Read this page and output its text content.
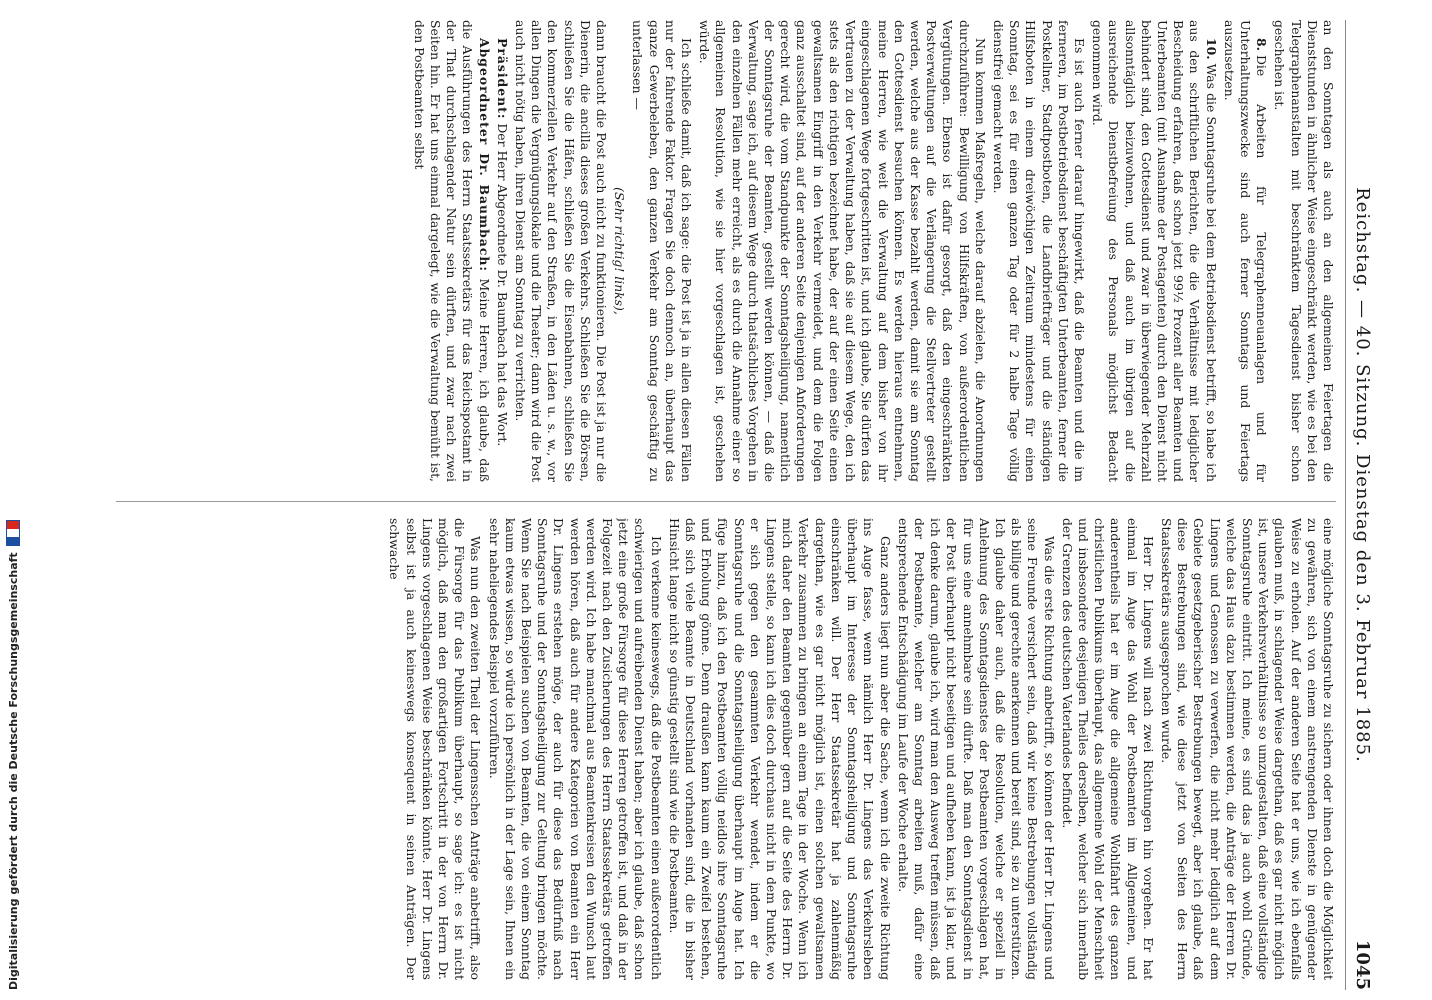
Reichstag. — 40. Sitzung. Dienstag den 3. Februar 1885.
1045

an den Sonntagen als auch an den allgemeinen Feiertagen die Dienststunden in ähnlicher Weise eingeschränkt werden, wie es bei den Telegraphenanstalten mit beschränktem Tagesdienst bisher schon geschehen ist.

8.Die Arbeiten für Telegraphenneuanlagen und für Unterhaltungszwecke sind auch ferner Sonntags und Feiertags auszusetzen.

10.Was die Sonntagsruhe bei dem Betriebsdienst betrifft, so habe ich aus den schriftlichen Berichten, die die Verhältnisse mit lediglicher Bescheidung erfahren, daß schon jetzt 99½ Prozent aller Beamten und Unterbeamten (mit Ausnahme der Postagenten) durch den Dienst nicht behindert sind, den Gottesdienst und zwar in überwiegender Mehrzahl allsonntäglich beizuwohnen, und daß auch im übrigen auf die ausreichende Dienstbefreiung des Personals möglichst Bedacht genommen wird.

Es ist auch ferner darauf hingewirkt, daß die Beamten und die im ferneren, im Postbetriebsdienst beschäftigten Unterbeamten, ferner die Postkellner, Stadtpostboten, die Landbriefträger und die ständigen Hilfsboten in einem dreiwöchigen Zeitraum mindestens für einen Sonntag, sei es für einen ganzen Tag oder für 2 halbe Tage völlig dienstfrei gemacht werden.

Nun kommen Maßregeln, welche darauf abzielen, die Anordnungen durchzuführen: Bewilligung von Hilfskräften, von außerordentlichen Vergütungen. Ebenso ist dafür gesorgt, daß den eingeschränkten Postverwaltungen auf die Verlängerung die Stellvertreter gestellt werden, welche aus der Kasse bezahlt werden, damit sie am Sonntag den Gottesdienst besuchen können. Es werden hieraus entnehmen, meine Herren, wie weit die Verwaltung auf dem bisher von ihr eingeschlagenen Wege fortgeschritten ist, und ich glaube, Sie dürfen das Vertrauen zu der Verwaltung haben, daß sie auf diesem Wege, den ich stets als den richtigen bezeichnet habe, der auf der einen Seite einen gewaltsamen Eingriff in den Verkehr vermeidet, und dem die Folgen ganz ausschaltet sind, auf der anderen Seite denjenigen Anforderungen gerecht wird, die vom Standpunkte der Sonntagsheiligung, namentlich der Sonntagsruhe der Beamten, gestellt werden können, — daß die Verwaltung, sage ich, auf diesem Wege durch thatsächliches Vorgehen in den einzelnen Fällen mehr erreicht, als es durch die Annahme einer so allgemeinen Resolution, wie sie hier vorgeschlagen ist, geschehen würde.

Ich schließe damit, daß ich sage: die Post ist ja in allen diesen Fällen nur der fahrende Faktor. Fragen Sie doch dennoch an, überhaupt das ganze Gewerbeleben, den ganzen Verkehr am Sonntag geschäftig zu unterlassen —

(Sehr richtig! links),

dann braucht die Post auch nicht zu funktionieren. Die Post ist ja nur die Dienerin, die ancilla dieses großen Verkehrs. Schließen Sie die Börsen, schließen Sie die Häfen, schließen Sie die Eisenbahnen, schließen Sie den kommerziellen Verkehr auf den Straßen, in den Läden u. s. w., vor allen Dingen die Vergnügungslokale und die Theater; dann wird die Post auch nicht nötig haben, ihren Dienst am Sonntag zu verrichten.

Präsident: Der Herr Abgeordnete Dr. Baumbach hat das Wort.

Abgeordneter Dr. Baumbach: Meine Herren, ich glaube, daß die Ausführungen des Herrn Staatssekretärs für das Reichspostamt in der That durchschlagender Natur sein dürften, und zwar nach zwei Seiten hin. Er hat uns einmal dargelegt, wie die Verwaltung bemüht ist, den Postbeamten selbst

eine mögliche Sonntagsruhe zu sichern oder ihnen doch die Möglichkeit zu gewähren, sich von einem anstrengenden Dienste in genügender Weise zu erholen. Auf der anderen Seite hat er uns, wie ich ebenfalls glauben muß, in schlagender Weise dargethan, daß es gar nicht möglich ist, unsere Verkehrsverhältnisse so umzugestalten, daß eine vollständige Sonntagsruhe eintritt. Ich meine, es sind das ja auch wohl Gründe, welche das Haus dazu bestimmen werden, die Anträge der Herren Dr. Lingens und Genossen zu verwerfen, die nicht mehr lediglich auf dem Gebiete gesetzgeberischer Bestrebungen bewegt, aber ich glaube, daß diese Bestrebungen sind, wie diese jetzt von Seiten des Herrn Staatssekretärs ausgesprochen wurde.

Herr Dr. Lingens will nach zwei Richtungen hin vorgehen. Er hat einmal im Auge das Wohl der Postbeamten im Allgemeinen, und anderentheils hat er im Auge die allgemeine Wohlfahrt des ganzen christlichen Publikums überhaupt, das allgemeine Wohl der Menschheit und insbesondere desjenigen Theiles derselben, welcher sich innerhalb der Grenzen des deutschen Vaterlandes befindet.

Was die erste Richtung anbetrifft, so können der Herr Dr. Lingens und seine Freunde versichert sein, daß wir keine Bestrebungen vollständig als billige und gerechte anerkennen und bereit sind, sie zu unterstützen. Ich glaube daher auch, daß die Resolution, welche er speziell in Anlehnung des Sonntagsdienstes der Postbeamten vorgeschlagen hat, für uns eine annehmbare sein dürfte. Daß man den Sonntagsdienst in der Post überhaupt nicht beseitigen und aufheben kann, ist ja klar, und ich denke darum, glaube ich, wird man den Ausweg treffen müssen, daß der Postbeamte, welcher am Sonntag arbeiten muß, dafür eine entsprechende Entschädigung im Laufe der Woche erhalte.

Ganz anders liegt nun aber die Sache, wenn ich die zweite Richtung ins Auge fasse, wenn nämlich Herr Dr. Lingens das Verkehrsleben überhaupt im Interesse der Sonntagsheiligung und Sonntagsruhe einschränken will. Der Herr Staatssekretär hat ja zahlenmäßig dargethan, wie es gar nicht möglich ist, einen solchen gewaltsamen Verkehr zusammen zu bringen an einem Tage in der Woche. Wenn ich mich daher den Beamten gegenüber gern auf die Seite des Herrn Dr. Lingens stelle, so kann ich dies doch durchaus nicht in dem Punkte, wo er sich gegen den gesammten Verkehr wendet, indem er die Sonntagsruhe und die Sonntagsheiligung überhaupt im Auge hat. Ich füge hinzu, daß ich den Postbeamten völlig neidlos ihre Sonntagsruhe und Erholung gönne. Denn draußen kann kaum ein Zweifel bestehen, daß sich viele Beamte in Deutschland vorhanden sind, die in bisher Hinsicht lange nicht so günstig gestellt sind wie die Postbeamten.

Ich verkenne keineswegs, daß die Postbeamten einen außerordentlich schwierigen und aufreibenden Dienst haben; aber ich glaube, daß schon jetzt eine große Fürsorge für diese Herren getroffen ist, und daß in der Folgezeit nach den Zusicherungen des Herrn Staatssekretärs getroffen werden wird. Ich habe manchmal aus Beamtenkreisen den Wunsch laut werden hören, daß auch für andere Kategorien von Beamten ein Herr Dr. Lingens erstehen möge, der auch für diese das Bedürfniß nach Sonntagsruhe und der Sonntagsheiligung zur Geltung bringen möchte. Wenn Sie nach Beispielen suchen von Beamten, die von einem Sonntag kaum etwas wissen, so würde ich persönlich in der Lage sein, Ihnen ein sehr naheliegendes Beispiel vorzuführen.

Was nun den zweiten Theil der Lingensschen Anträge anbetrifft, also die Fürsorge für das Publikum überhaupt, so sage ich: es ist nicht möglich, daß man den großartigen Fortschritt in der von Herrn Dr. Lingens vorgeschlagenen Weise beschränken könnte. Herr Dr. Lingens selbst ist ja auch keineswegs konsequent in seinen Anträgen. Der schwache

Digitalisierung gefördert durch die Deutsche Forschungsgemeinschaft
